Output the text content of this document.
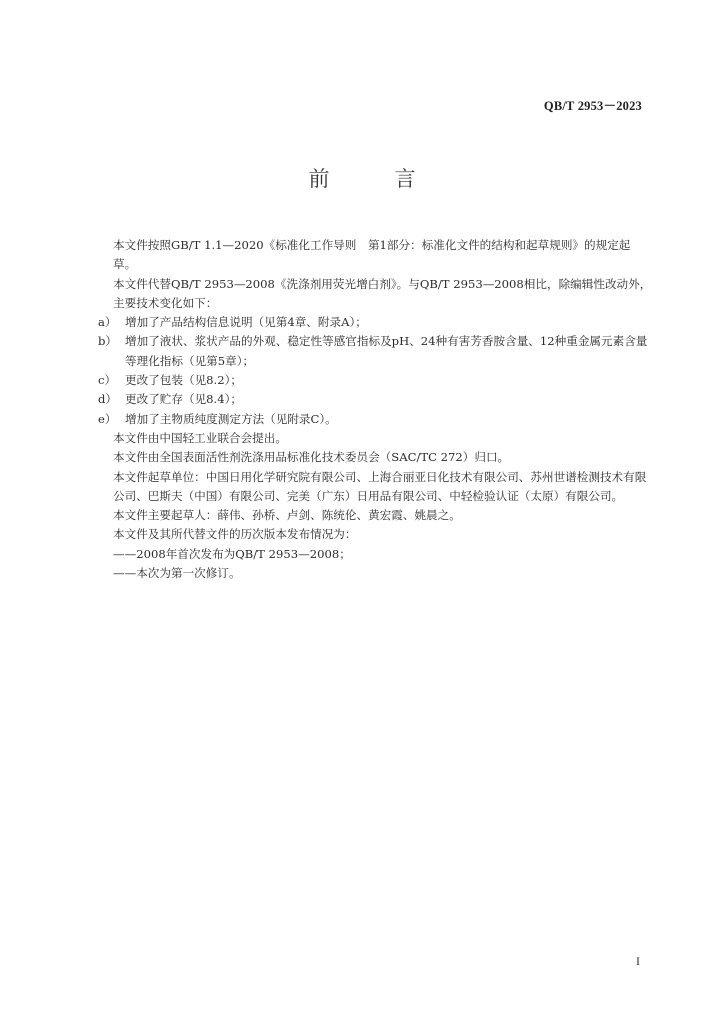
QB/T 2953－2023
前　言

本文件按照GB/T 1.1—2020《标准化工作导则　第1部分：标准化文件的结构和起草规则》的规定起草。

本文件代替QB/T 2953—2008《洗涤剂用荧光增白剂》。与QB/T 2953—2008相比，除编辑性改动外，主要技术变化如下：

a） 增加了产品结构信息说明（见第4章、附录A）；
b） 增加了液状、浆状产品的外观、稳定性等感官指标及pH、24种有害芳香胺含量、12种重金属元素含量等理化指标（见第5章）；
c） 更改了包装（见8.2）；
d） 更改了贮存（见8.4）；
e） 增加了主物质纯度测定方法（见附录C）。

本文件由中国轻工业联合会提出。

本文件由全国表面活性剂洗涤用品标准化技术委员会（SAC/TC 272）归口。

本文件起草单位：中国日用化学研究院有限公司、上海合丽亚日化技术有限公司、苏州世谱检测技术有限公司、巴斯夫（中国）有限公司、完美（广东）日用品有限公司、中轻检验认证（太原）有限公司。

本文件主要起草人：薛伟、孙桥、卢剑、陈统伦、黄宏霞、姚晨之。

本文件及其所代替文件的历次版本发布情况为：

——2008年首次发布为QB/T 2953—2008；

——本次为第一次修订。

I
